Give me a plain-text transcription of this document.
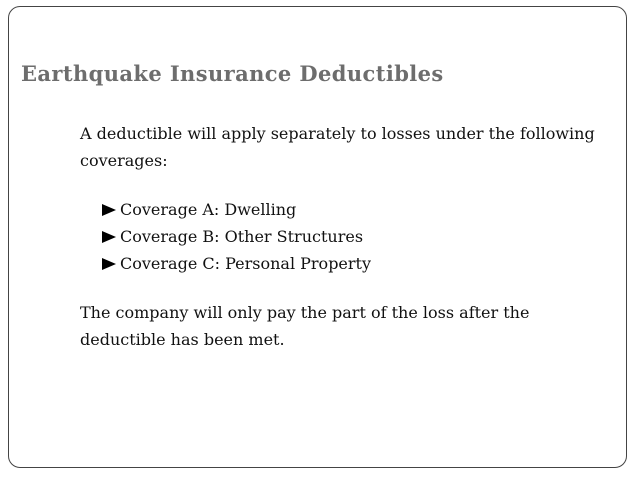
Earthquake Insurance Deductibles

A deductible will apply separately to losses under the following coverages:

Coverage A: Dwelling
Coverage B: Other Structures
Coverage C: Personal Property

The company will only pay the part of the loss after the deductible has been met.
